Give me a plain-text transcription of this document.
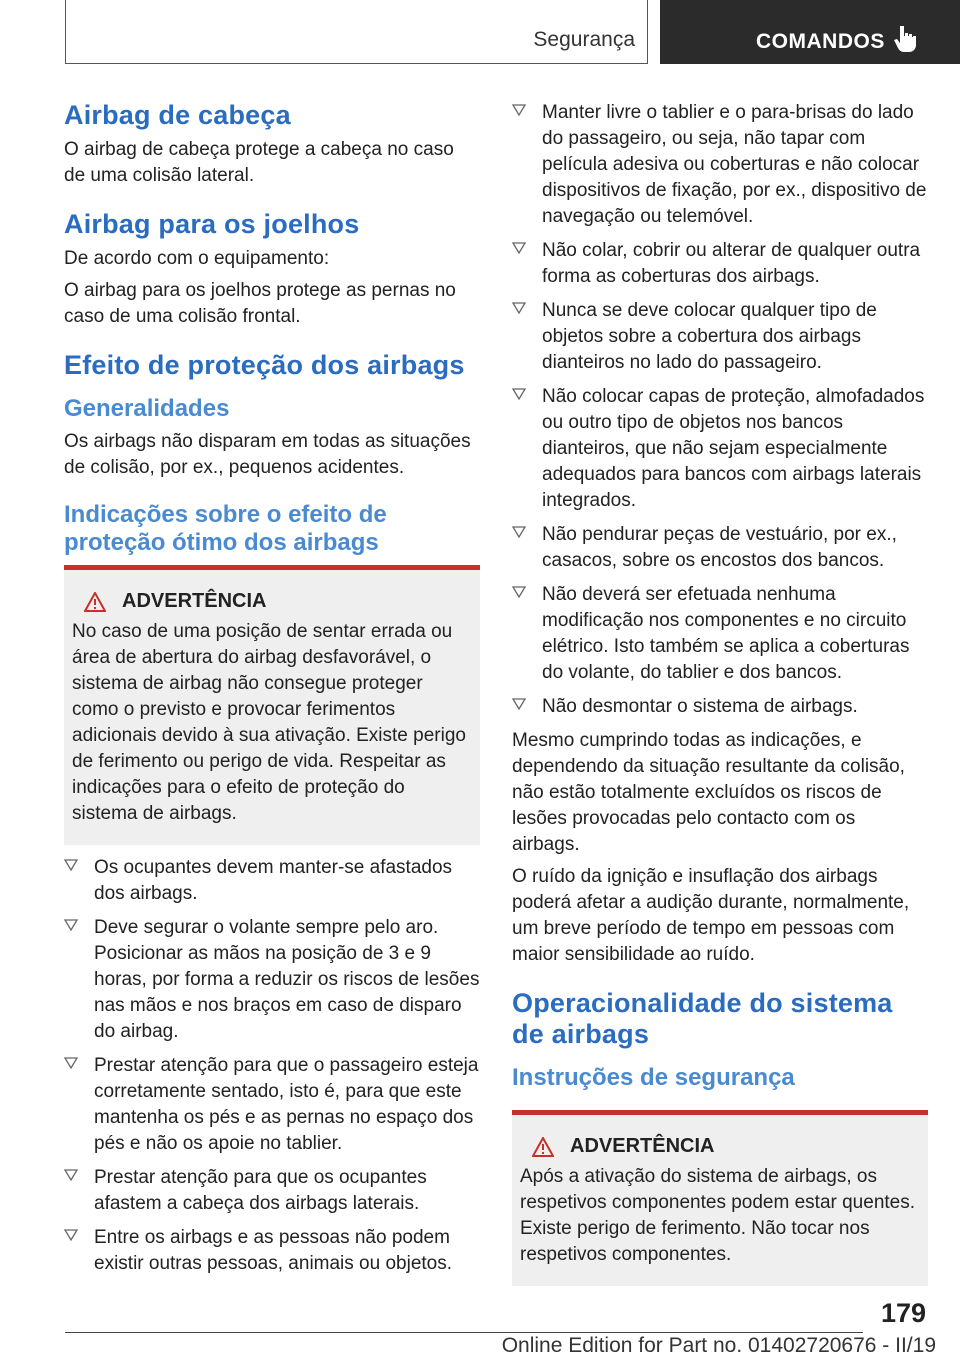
Segurança	COMANDOS
Airbag de cabeça

O airbag de cabeça protege a cabeça no caso de uma colisão lateral.

Airbag para os joelhos

De acordo com o equipamento:

O airbag para os joelhos protege as pernas no caso de uma colisão frontal.

Efeito de proteção dos airbags
Generalidades

Os airbags não disparam em todas as situações de colisão, por ex., pequenos acidentes.

Indicações sobre o efeito de proteção ótimo dos airbags
ADVERTÊNCIA

No caso de uma posição de sentar errada ou área de abertura do airbag desfavorável, o sistema de airbag não consegue proteger como o previsto e provocar ferimentos adicionais devido à sua ativação. Existe perigo de ferimento ou perigo de vida. Respeitar as indicações para o efeito de proteção do sistema de airbags.

Os ocupantes devem manter-se afastados dos airbags.
Deve segurar o volante sempre pelo aro. Posicionar as mãos na posição de 3 e 9 horas, por forma a reduzir os riscos de lesões nas mãos e nos braços em caso de disparo do airbag.
Prestar atenção para que o passageiro esteja corretamente sentado, isto é, para que este mantenha os pés e as pernas no espaço dos pés e não os apoie no tablier.
Prestar atenção para que os ocupantes afastem a cabeça dos airbags laterais.
Entre os airbags e as pessoas não podem existir outras pessoas, animais ou objetos.
Manter livre o tablier e o para-brisas do lado do passageiro, ou seja, não tapar com película adesiva ou coberturas e não colocar dispositivos de fixação, por ex., dispositivo de navegação ou telemóvel.
Não colar, cobrir ou alterar de qualquer outra forma as coberturas dos airbags.
Nunca se deve colocar qualquer tipo de objetos sobre a cobertura dos airbags dianteiros no lado do passageiro.
Não colocar capas de proteção, almofadados ou outro tipo de objetos nos bancos dianteiros, que não sejam especialmente adequados para bancos com airbags laterais integrados.
Não pendurar peças de vestuário, por ex., casacos, sobre os encostos dos bancos.
Não deverá ser efetuada nenhuma modificação nos componentes e no circuito elétrico. Isto também se aplica a coberturas do volante, do tablier e dos bancos.
Não desmontar o sistema de airbags.

Mesmo cumprindo todas as indicações, e dependendo da situação resultante da colisão, não estão totalmente excluídos os riscos de lesões provocadas pelo contacto com os airbags.

O ruído da ignição e insuflação dos airbags poderá afetar a audição durante, normalmente, um breve período de tempo em pessoas com maior sensibilidade ao ruído.

Operacionalidade do sistema de airbags
Instruções de segurança
ADVERTÊNCIA

Após a ativação do sistema de airbags, os respetivos componentes podem estar quentes. Existe perigo de ferimento. Não tocar nos respetivos componentes.

179
Online Edition for Part no. 01402720676 - II/19
